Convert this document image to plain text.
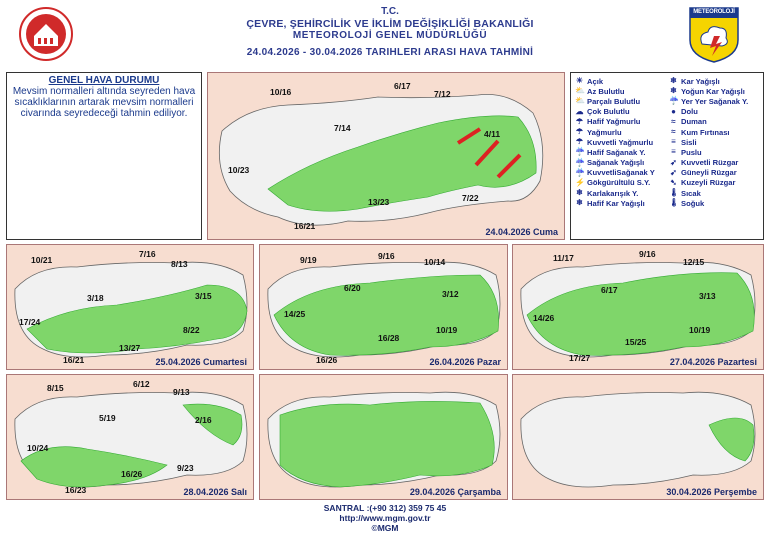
T.C.
ÇEVRE, ŞEHİRCİLİK VE İKLİM DEĞİŞİKLİĞİ BAKANLIĞI
METEOROLOJİ GENEL MÜDÜRLÜĞÜ
24.04.2026 - 30.04.2026 TARIHLERI ARASI HAVA TAHMİNİ
METEOROLOJİ
GENEL HAVA DURUMU
Mevsim normalleri altında seyreden hava sıcaklıklarının artarak mevsim normalleri civarında seyredeceği tahmin ediliyor.
10/16
6/17
7/12
7/14
4/11
10/23
13/23	7/22
16/21
24.04.2026 Cuma
☀ Açık
⛅ Az Bulutlu
⛅ Parçalı Bulutlu
☁ Çok Bulutlu
☂ Hafif Yağmurlu
☂ Yağmurlu
☂ Kuvvetli Yağmurlu
☔ Hafif Sağanak Y.
☔ Sağanak Yağışlı
☔ KuvvetliSağanak Y
⚡ Gökgürültülü S.Y.
❄ Karlakarışık Y.
❄ Hafif Kar Yağışlı
❄ Kar Yağışlı
❄ Yoğun Kar Yağışlı
☔ Yer Yer Sağanak Y.
● Dolu
≈ Duman
≈ Kum Fırtınası
≡ Sisli
≡ Puslu
➶ Kuvvetli Rüzgar
➹ Güneyli Rüzgar
➷ Kuzeyli Rüzgar
🌡 Sıcak
🌡 Soğuk
10/21
7/16
8/13
3/18	3/15
17/24
8/22
13/27
16/21	25.04.2026 Cumartesi
9/19	9/16
10/14
6/20
3/12
14/25
10/19
16/28
16/26	26.04.2026 Pazar
11/17	9/16
12/15
6/17
3/13
14/26
10/19
15/25
17/27	27.04.2026 Pazartesi
8/15	6/12
9/13
5/19	2/16
10/24
16/26
9/23
16/23	28.04.2026 Salı	29.04.2026 Çarşamba	30.04.2026 Perşembe
SANTRAL :(+90 312) 359 75 45
http://www.mgm.gov.tr
©MGM
